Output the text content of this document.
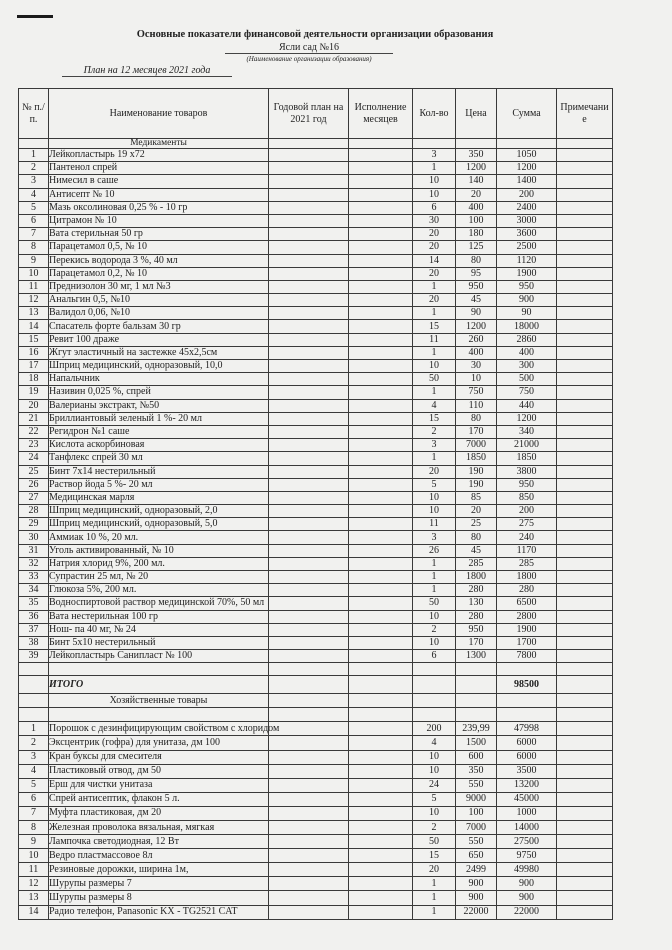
Основные показатели финансовой деятельности организации образования
Ясли сад №16
(Наименование организации образования)
План на 12 месяцев 2021 года
№ п./п.	Наименование товаров	Годовой план на 2021 год	Исполнение месяцев	Кол-во	Цена	Сумма	Примечание
	Медикаменты						
1	Лейкопластырь 19 х72			3	350	1050	
2	Пантенол спрей			1	1200	1200	
3	Нимесил в саше			10	140	1400	
4	Антисепт № 10			10	20	200	
5	Мазь оксолиновая 0,25 % - 10 гр			6	400	2400	
6	Цитрамон № 10			30	100	3000	
7	Вата стерильная 50 гр			20	180	3600	
8	Парацетамол 0,5, № 10			20	125	2500	
9	Перекись водорода 3 %, 40 мл			14	80	1120	
10	Парацетамол 0,2, № 10			20	95	1900	
11	Преднизолон 30 мг, 1 мл №3			1	950	950	
12	Анальгин 0,5, №10			20	45	900	
13	Валидол 0,06, №10			1	90	90	
14	Спасатель форте бальзам 30 гр			15	1200	18000	
15	Ревит 100 драже			11	260	2860	
16	Жгут эластичный на застежке 45х2,5см			1	400	400	
17	Шприц медицинский, одноразовый, 10,0			10	30	300	
18	Напальчник			50	10	500	
19	Називин 0,025 %, спрей			1	750	750	
20	Валерианы экстракт, №50			4	110	440	
21	Бриллиантовый зеленый 1 %- 20 мл			15	80	1200	
22	Регидрон №1 саше			2	170	340	
23	Кислота аскорбиновая			3	7000	21000	
24	Танфлекс спрей 30 мл			1	1850	1850	
25	Бинт 7х14 нестерильный			20	190	3800	
26	Раствор йода 5 %- 20 мл			5	190	950	
27	Медицинская марля			10	85	850	
28	Шприц медицинский, одноразовый, 2,0			10	20	200	
29	Шприц медицинский, одноразовый, 5,0			11	25	275	
30	Аммиак 10 %, 20 мл.			3	80	240	
31	Уголь активированный, № 10			26	45	1170	
32	Натрия хлорид 9%, 200 мл.			1	285	285	
33	Супрастин 25 мл, № 20			1	1800	1800	
34	Глюкоза 5%, 200 мл.			1	280	280	
35	Водноспиртовой раствор медицинской 70%, 50 мл			50	130	6500	
36	Вата нестерильная 100 гр			10	280	2800	
37	Нош- па 40 мг, № 24			2	950	1900	
38	Бинт 5х10 нестерильный			10	170	1700	
39	Лейкопластырь Санипласт № 100			6	1300	7800	

	ИТОГО					98500	
	Хозяйственные товары						

1	Порошок с дезинфицирующим свойством с хлоридом			200	239,99	47998	
2	Эксцентрик (гофра) для унитаза, дм 100			4	1500	6000	
3	Кран буксы для смесителя			10	600	6000	
4	Пластиковый отвод, дм 50			10	350	3500	
5	Ерш для чистки унитаза			24	550	13200	
6	Спрей антисептик, флакон 5 л.			5	9000	45000	
7	Муфта пластиковая, дм 20			10	100	1000	
8	Железная проволока вязальная, мягкая			2	7000	14000	
9	Лампочка светодиодная, 12 Вт			50	550	27500	
10	Ведро пластмассовое 8л			15	650	9750	
11	Резиновые дорожки, ширина 1м,			20	2499	49980	
12	Шурупы размеры 7			1	900	900	
13	Шурупы размеры 8			1	900	900	
14	Радио телефон, Panasonic KX - TG2521 CAT			1	22000	22000	
